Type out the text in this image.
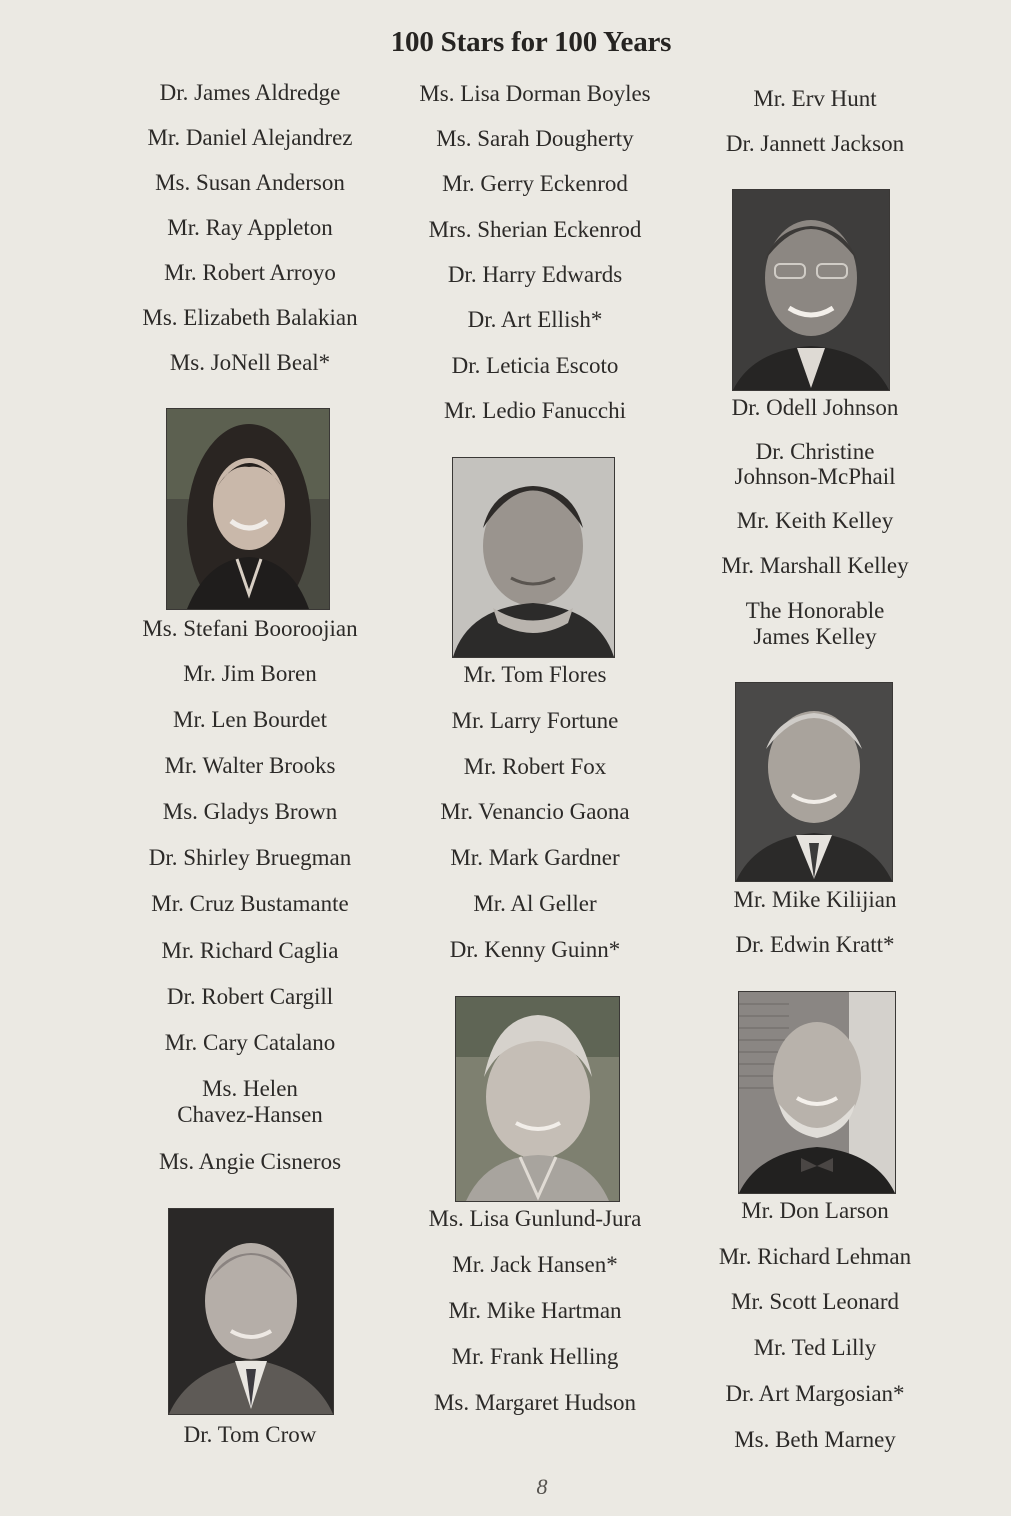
100 Stars for 100 Years
Dr. James Aldredge
Mr. Daniel Alejandrez
Ms. Susan Anderson
Mr. Ray Appleton
Mr. Robert Arroyo
Ms. Elizabeth Balakian
Ms. JoNell Beal*
Ms. Stefani Booroojian
Mr. Jim Boren
Mr. Len Bourdet
Mr. Walter Brooks
Ms. Gladys Brown
Dr. Shirley Bruegman
Mr. Cruz Bustamante
Mr. Richard Caglia
Dr. Robert Cargill
Mr. Cary Catalano
Ms. Helen
Chavez-Hansen
Ms. Angie Cisneros
Dr. Tom Crow
Ms. Lisa Dorman Boyles
Ms. Sarah Dougherty
Mr. Gerry Eckenrod
Mrs. Sherian Eckenrod
Dr. Harry Edwards
Dr. Art Ellish*
Dr. Leticia Escoto
Mr. Ledio Fanucchi
Mr. Tom Flores
Mr. Larry Fortune
Mr. Robert Fox
Mr. Venancio Gaona
Mr. Mark Gardner
Mr. Al Geller
Dr. Kenny Guinn*
Ms. Lisa Gunlund-Jura
Mr. Jack Hansen*
Mr. Mike Hartman
Mr. Frank Helling
Ms. Margaret Hudson
Mr. Erv Hunt
Dr. Jannett Jackson
Dr. Odell Johnson
Dr. Christine
Johnson-McPhail
Mr. Keith Kelley
Mr. Marshall Kelley
The Honorable
James Kelley
Mr. Mike Kilijian
Dr. Edwin Kratt*
Mr. Don Larson
Mr. Richard Lehman
Mr. Scott Leonard
Mr. Ted Lilly
Dr. Art Margosian*
Ms. Beth Marney
8
